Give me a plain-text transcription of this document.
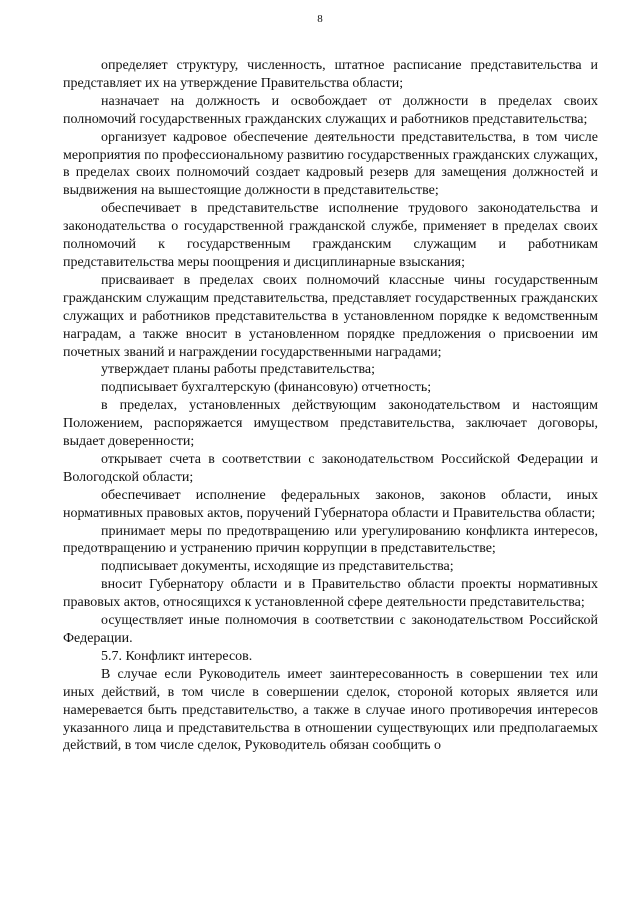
8

определяет структуру, численность, штатное расписание представительства и представляет их на утверждение Правительства области;

назначает на должность и освобождает от должности в пределах своих полномочий государственных гражданских служащих и работников представительства;

организует кадровое обеспечение деятельности представительства, в том числе мероприятия по профессиональному развитию государственных гражданских служащих, в пределах своих полномочий создает кадровый резерв для замещения должностей и выдвижения на вышестоящие должности в представительстве;

обеспечивает в представительстве исполнение трудового законодательства и законодательства о государственной гражданской службе, применяет в пределах своих полномочий к государственным гражданским служащим и работникам представительства меры поощрения и дисциплинарные взыскания;

присваивает в пределах своих полномочий классные чины государственным гражданским служащим представительства, представляет государственных гражданских служащих и работников представительства в установленном порядке к ведомственным наградам, а также вносит в установленном порядке предложения о присвоении им почетных званий и награждении государственными наградами;

утверждает планы работы представительства;

подписывает бухгалтерскую (финансовую) отчетность;

в пределах, установленных действующим законодательством и настоящим Положением, распоряжается имуществом представительства, заключает договоры, выдает доверенности;

открывает счета в соответствии с законодательством Российской Федерации и Вологодской области;

обеспечивает исполнение федеральных законов, законов области, иных нормативных правовых актов, поручений Губернатора области и Правительства области;

принимает меры по предотвращению или урегулированию конфликта интересов, предотвращению и устранению причин коррупции в представительстве;

подписывает документы, исходящие из представительства;

вносит Губернатору области и в Правительство области проекты нормативных правовых актов, относящихся к установленной сфере деятельности представительства;

осуществляет иные полномочия в соответствии с законодательством Российской Федерации.

5.7. Конфликт интересов.

В случае если Руководитель имеет заинтересованность в совершении тех или иных действий, в том числе в совершении сделок, стороной которых является или намеревается быть представительство, а также в случае иного противоречия интересов указанного лица и представительства в отношении существующих или предполагаемых действий, в том числе сделок, Руководитель обязан сообщить о
